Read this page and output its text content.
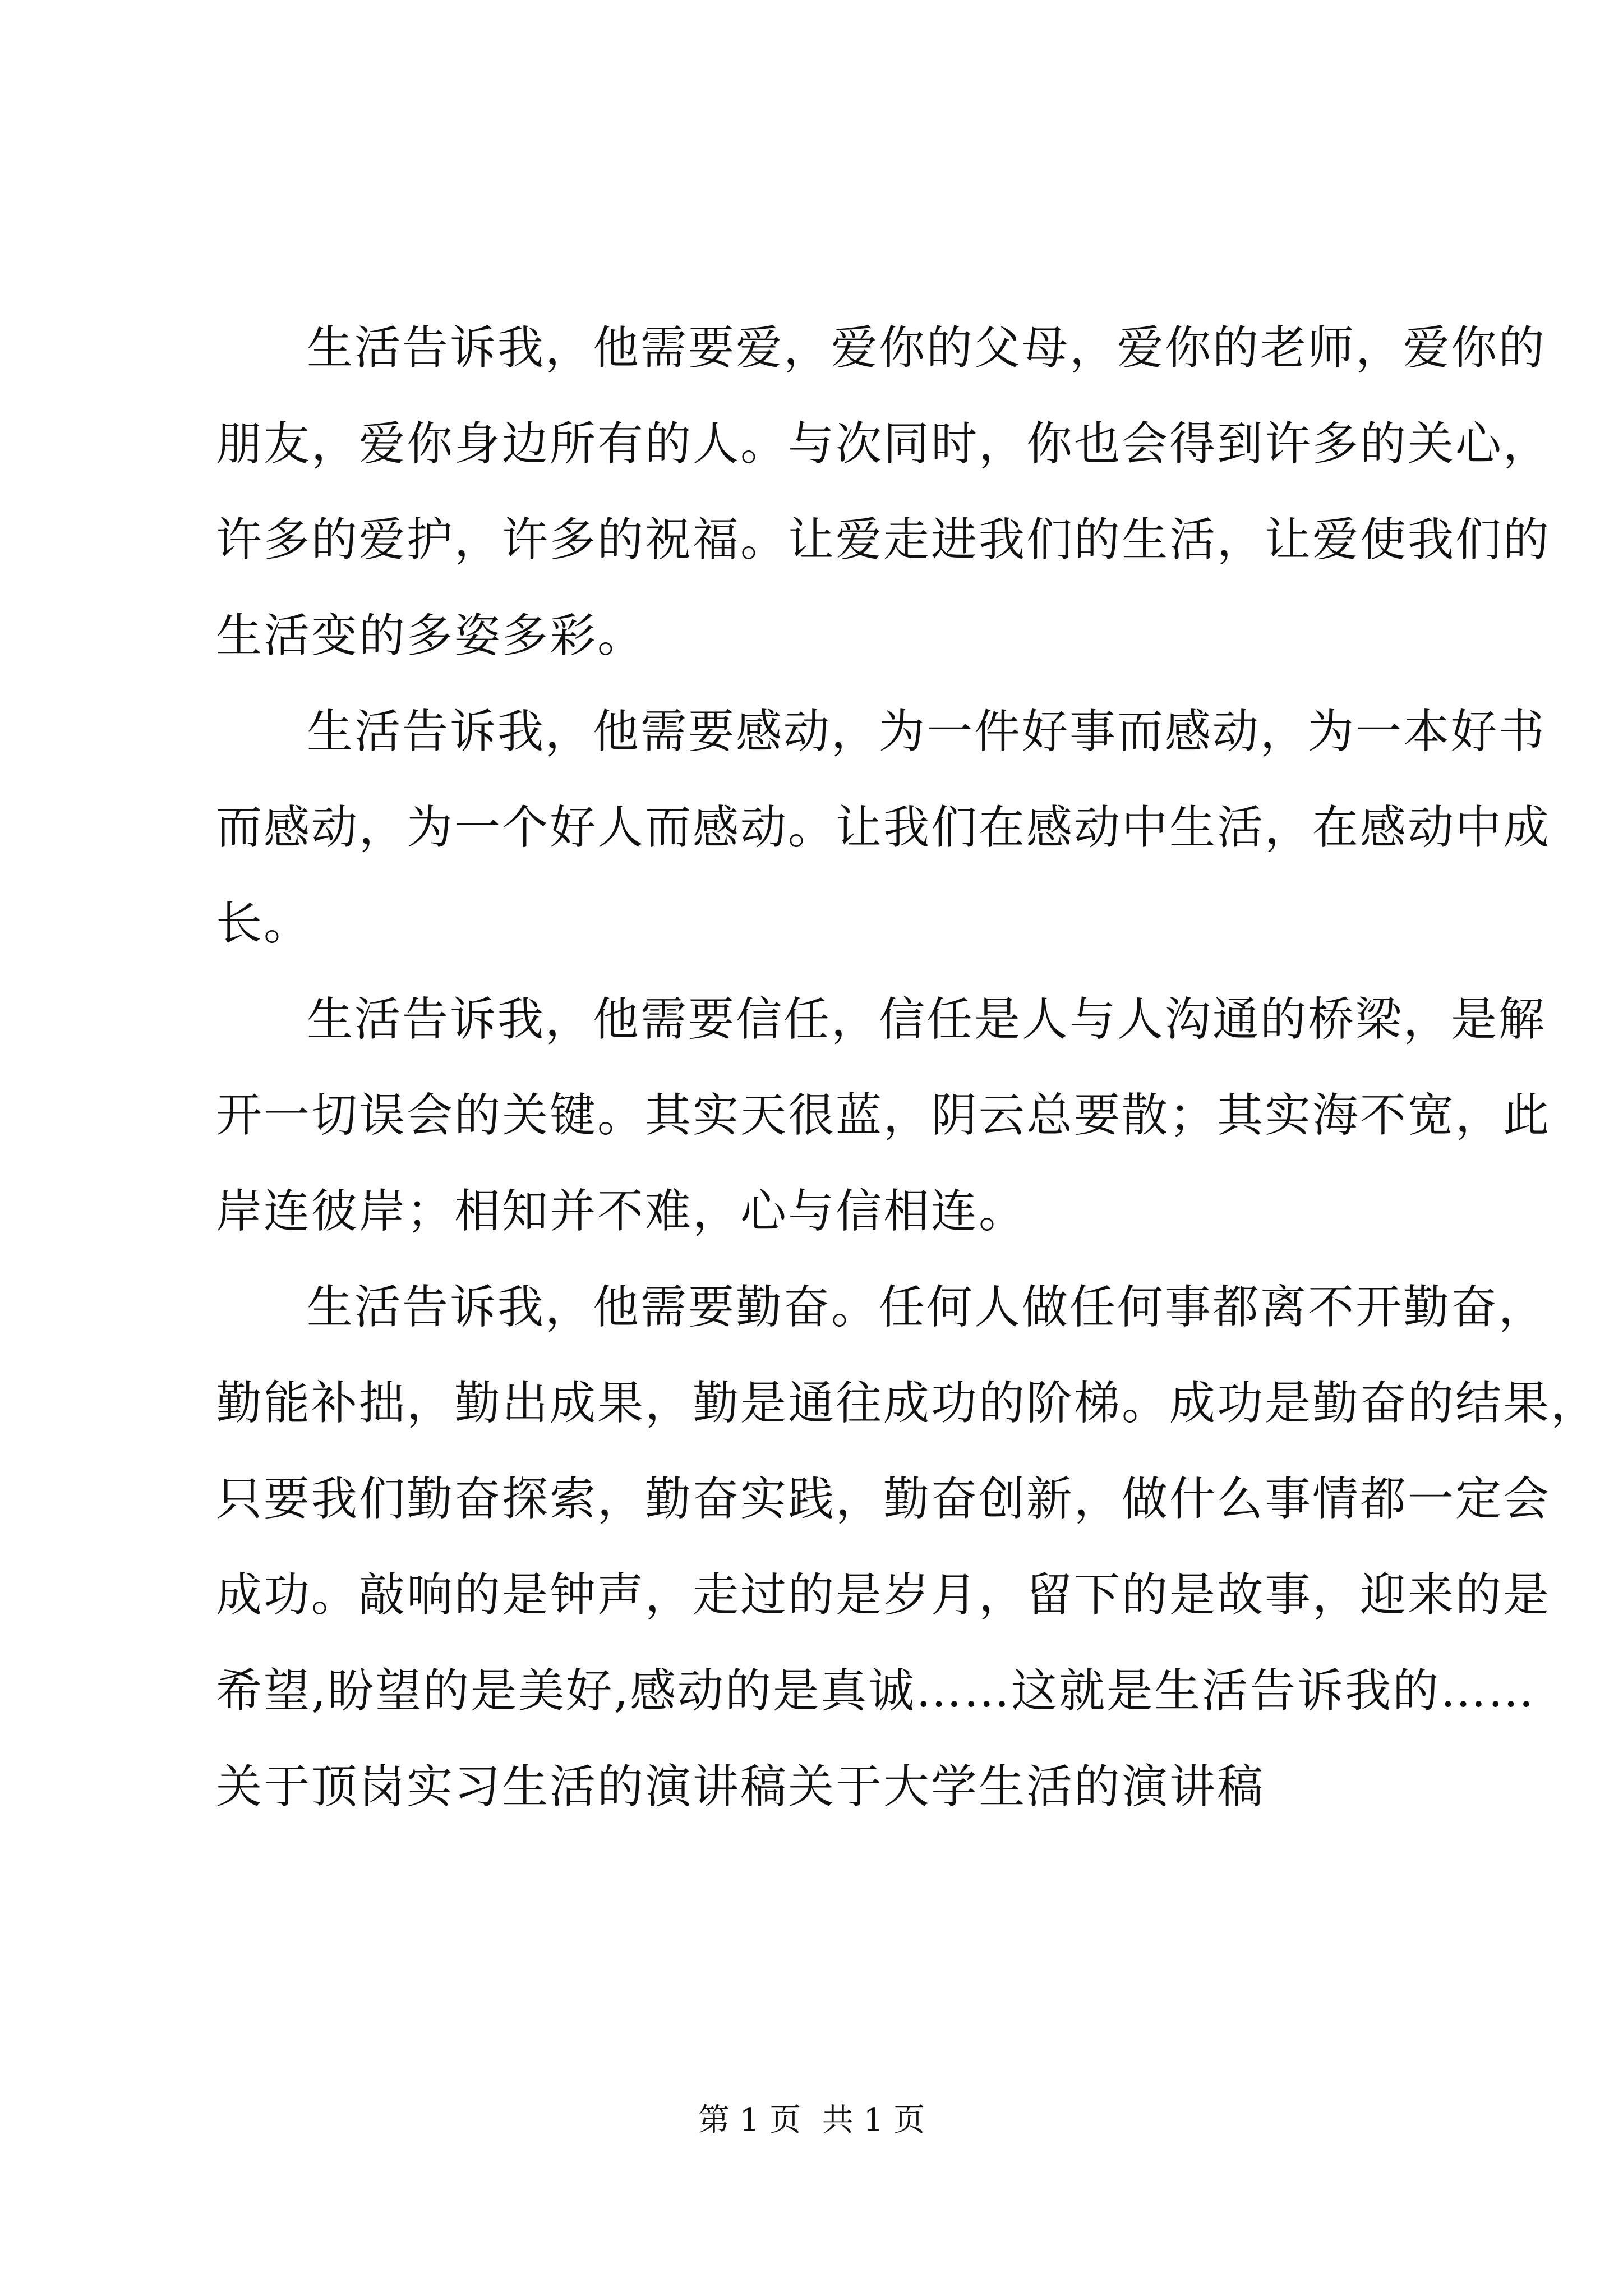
生活告诉我，他需要爱，爱你的父母，爱你的老师，爱你的
朋友，爱你身边所有的人。与次同时，你也会得到许多的关心，
许多的爱护，许多的祝福。让爱走进我们的生活，让爱使我们的
生活变的多姿多彩。
生活告诉我，他需要感动，为一件好事而感动，为一本好书
而感动，为一个好人而感动。让我们在感动中生活，在感动中成
长。
生活告诉我，他需要信任，信任是人与人沟通的桥梁，是解
开一切误会的关键。其实天很蓝，阴云总要散；其实海不宽，此
岸连彼岸；相知并不难，心与信相连。
生活告诉我，他需要勤奋。任何人做任何事都离不开勤奋，
勤能补拙，勤出成果，勤是通往成功的阶梯。成功是勤奋的结果，
只要我们勤奋探索，勤奋实践，勤奋创新，做什么事情都一定会
成功。敲响的是钟声，走过的是岁月，留下的是故事，迎来的是
希望,盼望的是美好,感动的是真诚……这就是生活告诉我的……
关于顶岗实习生活的演讲稿关于大学生活的演讲稿
第 1 页 共 1 页
